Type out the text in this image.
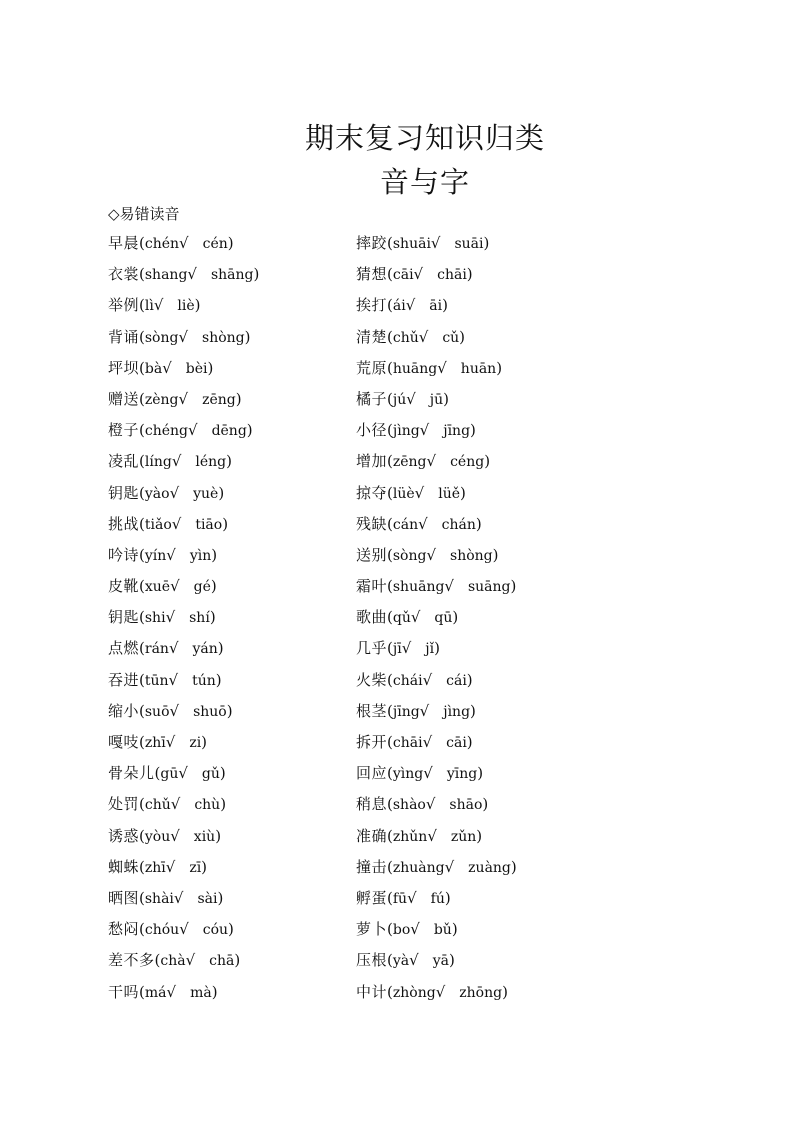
期末复习知识归类
音与字
◇易错读音
早晨(chén√ cén)
衣裳(shang√ shāng)
举例(lì√ liè)
背诵(sòng√ shòng)
坪坝(bà√ bèi)
赠送(zèng√ zēng)
橙子(chéng√ dēng)
凌乱(líng√ léng)
钥匙(yào√ yuè)
挑战(tiǎo√ tiāo)
吟诗(yín√ yìn)
皮靴(xuē√ gé)
钥匙(shi√ shí)
点燃(rán√ yán)
吞进(tūn√ tún)
缩小(suō√ shuō)
嘎吱(zhī√ zi)
骨朵儿(gū√ gǔ)
处罚(chǔ√ chù)
诱惑(yòu√ xiù)
蜘蛛(zhī√ zī)
晒图(shài√ sài)
愁闷(chóu√ cóu)
差不多(chà√ chā)
干吗(má√ mà)
摔跤(shuāi√ suāi)
猜想(cāi√ chāi)
挨打(ái√ āi)
清楚(chǔ√ cǔ)
荒原(huāng√ huān)
橘子(jú√ jū)
小径(jìng√ jīng)
增加(zēng√ céng)
掠夺(lüè√ lüě)
残缺(cán√ chán)
送别(sòng√ shòng)
霜叶(shuāng√ suāng)
歌曲(qǔ√ qū)
几乎(jī√ jǐ)
火柴(chái√ cái)
根茎(jīng√ jìng)
拆开(chāi√ cāi)
回应(yìng√ yīng)
稍息(shào√ shāo)
准确(zhǔn√ zǔn)
撞击(zhuàng√ zuàng)
孵蛋(fū√ fú)
萝卜(bo√ bǔ)
压根(yà√ yā)
中计(zhòng√ zhōng)
